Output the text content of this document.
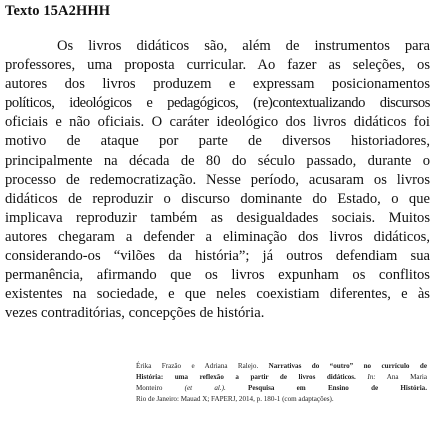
Texto 15A2HHH
Os livros didáticos são, além de instrumentos para
professores, uma proposta curricular. Ao fazer as seleções, os
autores dos livros produzem e expressam posicionamentos
políticos, ideológicos e pedagógicos, (re)contextualizando discursos
oficiais e não oficiais. O caráter ideológico dos livros didáticos foi
motivo de ataque por parte de diversos historiadores,
principalmente na década de 80 do século passado, durante o
processo de redemocratização. Nesse período, acusaram os livros
didáticos de reproduzir o discurso dominante do Estado, o que
implicava reproduzir também as desigualdades sociais. Muitos
autores chegaram a defender a eliminação dos livros didáticos,
considerando-os “vilões da história”; já outros defendiam sua
permanência, afirmando que os livros expunham os conflitos
existentes na sociedade, e que neles coexistiam diferentes, e às
vezes contraditórias, concepções de história.
Érika Frazão e Adriana Ralejo. Narrativas do “outro” no currículo de
História: uma reflexão a partir de livros didáticos. In: Ana Maria
Monteiro	(et al.).	Pesquisa em Ensino de História.
Rio de Janeiro: Mauad X; FAPERJ, 2014, p. 180-1 (com adaptações).
